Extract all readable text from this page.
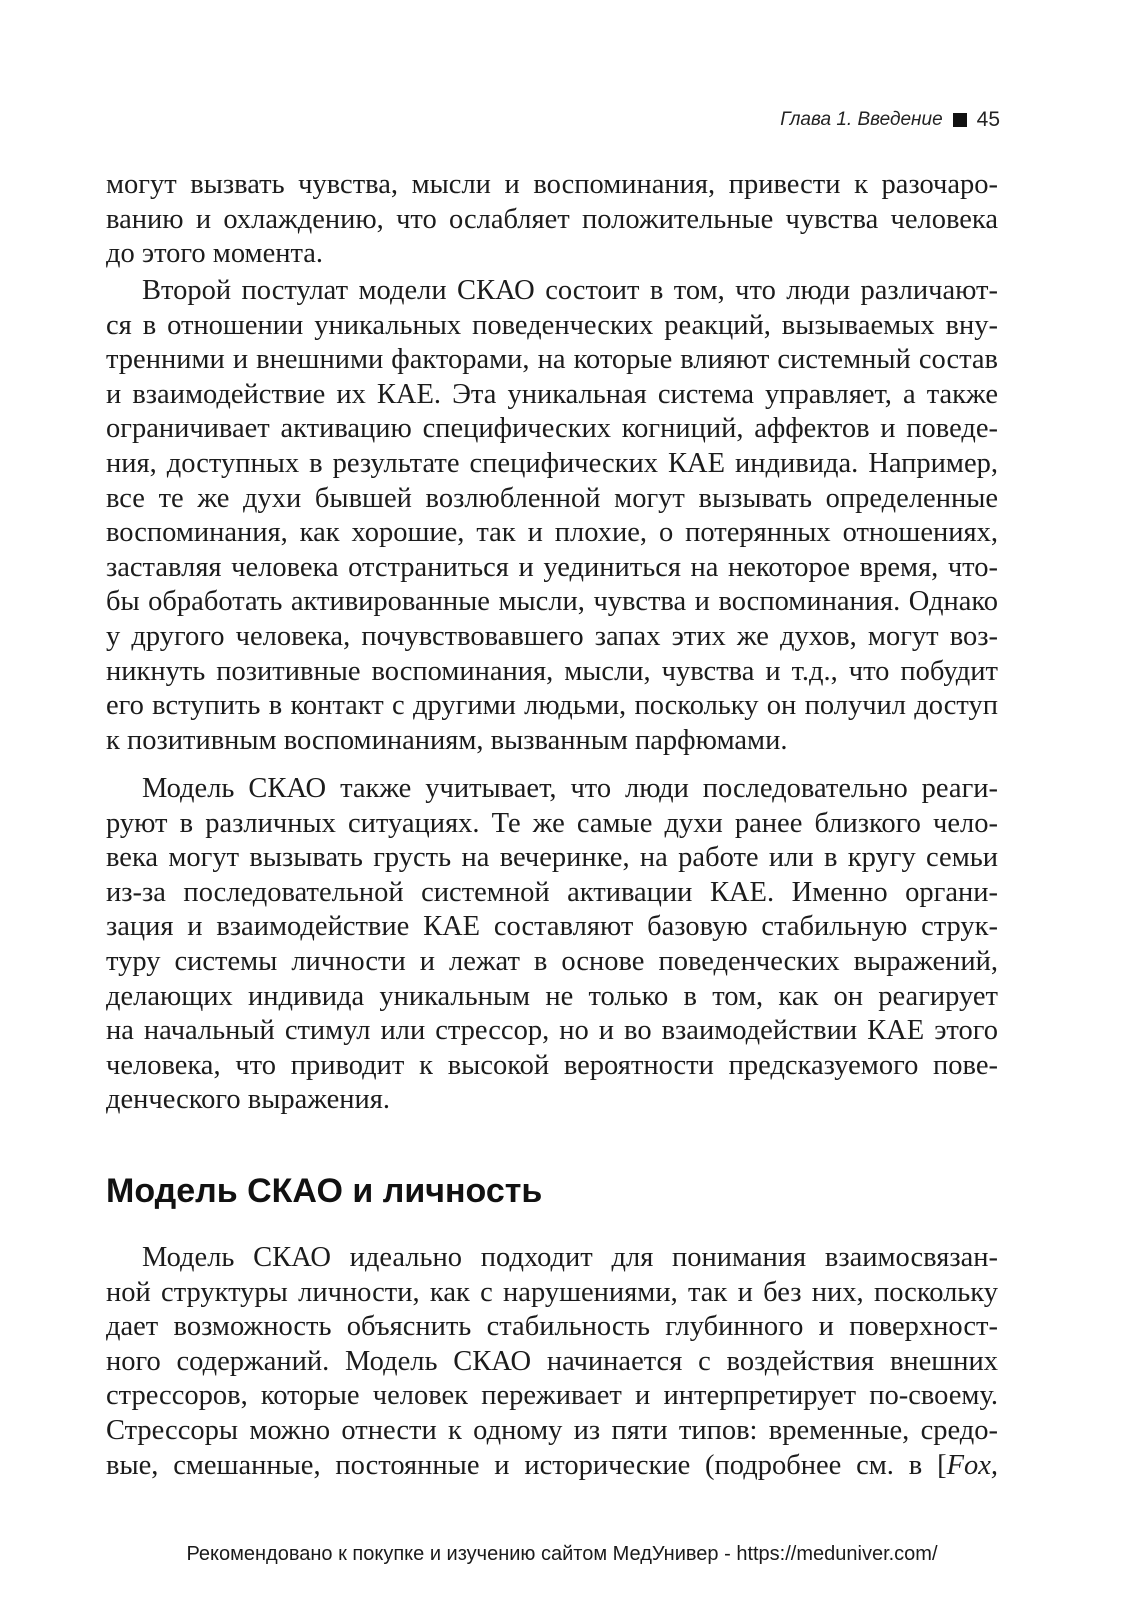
Глава 1. Введение 45
могут вызвать чувства, мысли и воспоминания, привести к разочаро-
ванию и охлаждению, что ослабляет положительные чувства человека
до этого момента.
Второй постулат модели СКАО состоит в том, что люди различают-
ся в отношении уникальных поведенческих реакций, вызываемых вну-
тренними и внешними факторами, на которые влияют системный состав
и взаимодействие их КАЕ. Эта уникальная система управляет, а также
ограничивает активацию специфических когниций, аффектов и поведе-
ния, доступных в результате специфических КАЕ индивида. Например,
все те же духи бывшей возлюбленной могут вызывать определенные
воспоминания, как хорошие, так и плохие, о потерянных отношениях,
заставляя человека отстраниться и уединиться на некоторое время, что-
бы обработать активированные мысли, чувства и воспоминания. Однако
у другого человека, почувствовавшего запах этих же духов, могут воз-
никнуть позитивные воспоминания, мысли, чувства и т.д., что побудит
его вступить в контакт с другими людьми, поскольку он получил доступ
к позитивным воспоминаниям, вызванным парфюмами.
Модель СКАО также учитывает, что люди последовательно реаги-
руют в различных ситуациях. Те же самые духи ранее близкого чело-
века могут вызывать грусть на вечеринке, на работе или в кругу семьи
из-за последовательной системной активации КАЕ. Именно органи-
зация и взаимодействие КАЕ составляют базовую стабильную струк-
туру системы личности и лежат в основе поведенческих выражений,
делающих индивида уникальным не только в том, как он реагирует
на начальный стимул или стрессор, но и во взаимодействии КАЕ этого
человека, что приводит к высокой вероятности предсказуемого пове-
денческого выражения.
Модель СКАО и личность
Модель СКАО идеально подходит для понимания взаимосвязан-
ной структуры личности, как с нарушениями, так и без них, поскольку
дает возможность объяснить стабильность глубинного и поверхност-
ного содержаний. Модель СКАО начинается с воздействия внешних
стрессоров, которые человек переживает и интерпретирует по-своему.
Стрессоры можно отнести к одному из пяти типов: временные, средо-
вые, смешанные, постоянные и исторические (подробнее см. в [Fox,
Рекомендовано к покупке и изучению сайтом МедУнивер - https://meduniver.com/
